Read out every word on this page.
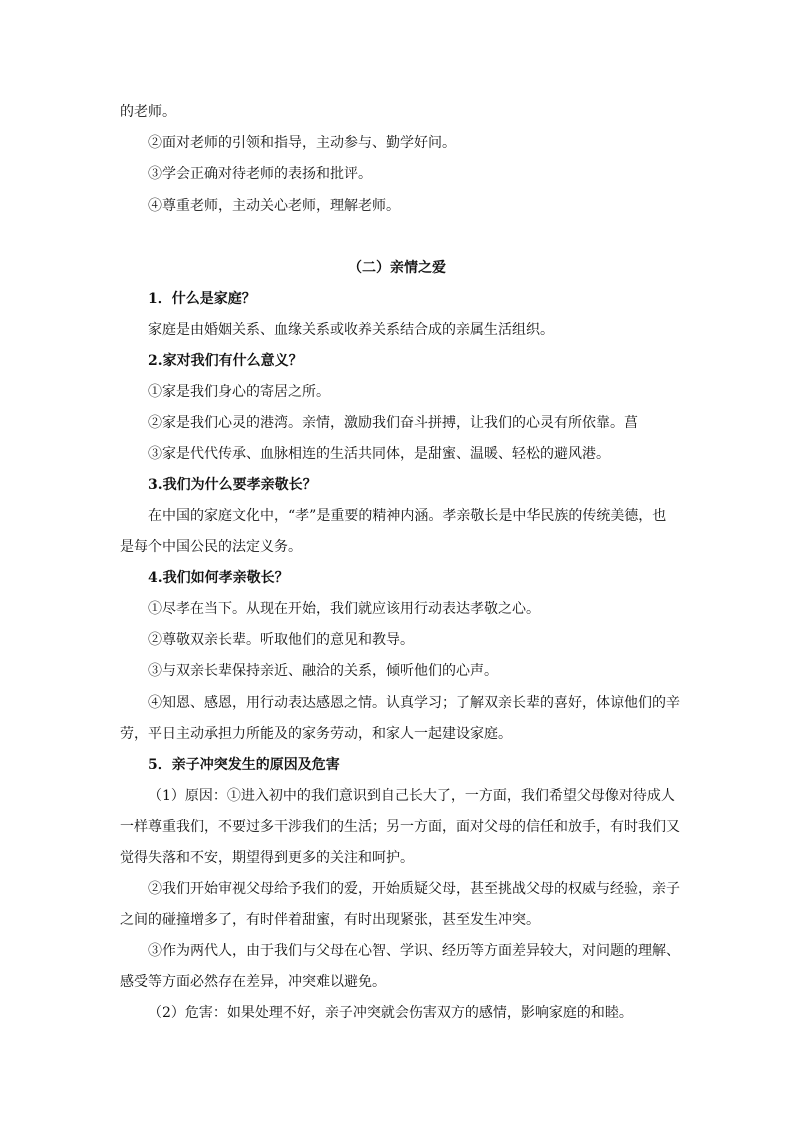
的老师。

②面对老师的引领和指导，主动参与、勤学好问。

③学会正确对待老师的表扬和批评。

④尊重老师，主动关心老师，理解老师。

（二）亲情之爱

1．什么是家庭？

家庭是由婚姻关系、血缘关系或收养关系结合成的亲属生活组织。

2.家对我们有什么意义？

①家是我们身心的寄居之所。

②家是我们心灵的港湾。亲情，激励我们奋斗拼搏，让我们的心灵有所依靠。菖

③家是代代传承、血脉相连的生活共同体，是甜蜜、温暖、轻松的避风港。

3.我们为什么要孝亲敬长？

在中国的家庭文化中，“孝”是重要的精神内涵。孝亲敬长是中华民族的传统美德，也

是每个中国公民的法定义务。

4.我们如何孝亲敬长？

①尽孝在当下。从现在开始，我们就应该用行动表达孝敬之心。

②尊敬双亲长辈。听取他们的意见和教导。

③与双亲长辈保持亲近、融洽的关系，倾听他们的心声。

④知恩、感恩，用行动表达感恩之情。认真学习；了解双亲长辈的喜好，体谅他们的辛

劳，平日主动承担力所能及的家务劳动，和家人一起建设家庭。

5．亲子冲突发生的原因及危害

（1）原因：①进入初中的我们意识到自己长大了，一方面，我们希望父母像对待成人

一样尊重我们，不要过多干涉我们的生活；另一方面，面对父母的信任和放手，有时我们又

觉得失落和不安，期望得到更多的关注和呵护。

②我们开始审视父母给予我们的爱，开始质疑父母，甚至挑战父母的权威与经验，亲子

之间的碰撞增多了，有时伴着甜蜜，有时出现紧张，甚至发生冲突。

③作为两代人，由于我们与父母在心智、学识、经历等方面差异较大，对问题的理解、

感受等方面必然存在差异，冲突难以避免。

（2）危害：如果处理不好，亲子冲突就会伤害双方的感情，影响家庭的和睦。
